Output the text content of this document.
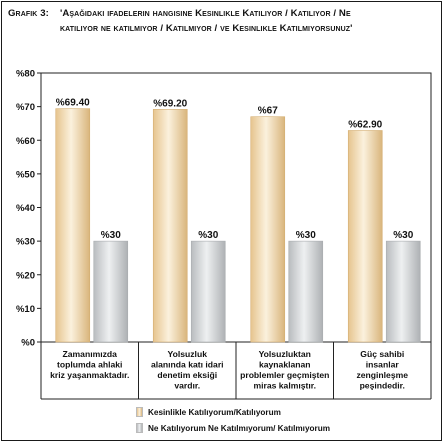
Grafik 3: 'Aşağıdaki ifadelerin hangisine Kesinlikle Katılıyor / Katılıyor / Ne katılıyor ne katılmıyor / Katılmıyor / ve Kesinlikle Katılmıyorsunuz'
%0
%10
%20
%30
%40
%50
%60
%70
%80
%69.40	%69.20
%67
%62.90
%30	%30	%30	%30
Zamanımızda toplumda ahlaki kriz yaşanmaktadır.
Yolsuzluk alanında katı idari denetim eksiği vardır.
Yolsuzluktan kaynaklanan problemler geçmişten miras kalmıştır.
Güç sahibi insanlar zenginleşme peşindedir.
Kesinlikle Katılıyorum/Katılıyorum
Ne Katılıyorum Ne Katılmıyorum/ Katılmıyorum
